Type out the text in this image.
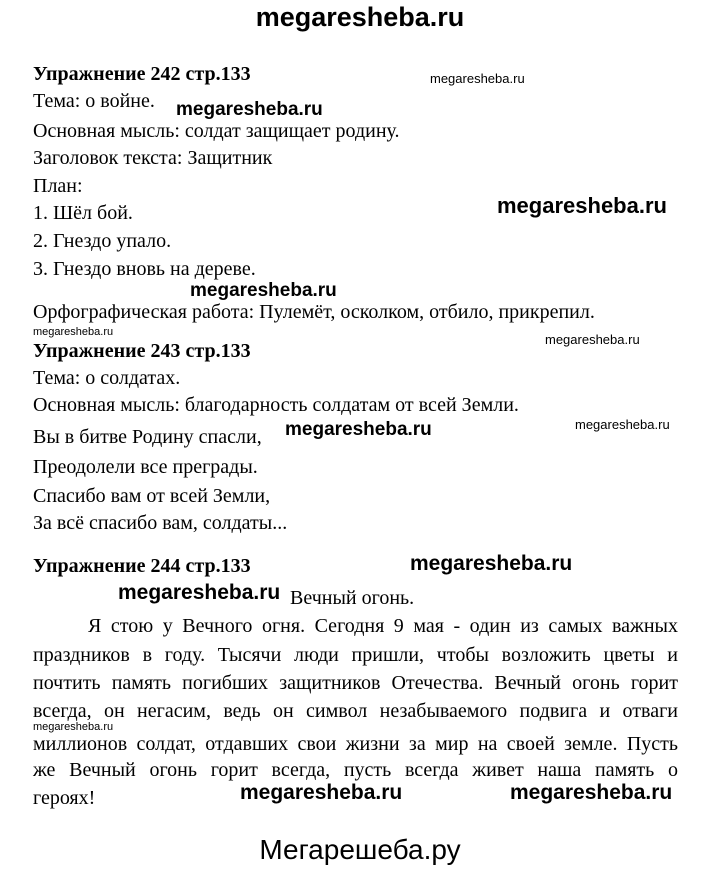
megaresheba.ru
Упражнение 242 стр.133	megaresheba.ru
Тема: о войне. megaresheba.ru
Основная мысль: солдат защищает родину.
Заголовок текста: Защитник
План:
1. Шёл бой.	megaresheba.ru
2. Гнездо упало.
3. Гнездо вновь на дереве.
megaresheba.ru
Орфографическая работа: Пулемёт, осколком, отбило, прикрепил.
megaresheba.ru	megaresheba.ru
Упражнение 243 стр.133
Тема: о солдатах.
Основная мысль: благодарность солдатам от всей Земли.
megaresheba.ru
megaresheba.ru
Вы в битве Родину спасли,
Преодолели все преграды.
Спасибо вам от всей Земли,
За всё спасибо вам, солдаты...
Упражнение 244 стр.133	megaresheba.ru
megaresheba.ru Вечный огонь.
Я стою у Вечного огня. Сегодня 9 мая - один из самых важных
праздников в году. Тысячи люди пришли, чтобы возложить цветы и
почтить память погибших защитников Отечества. Вечный огонь горит
всегда, он негасим, ведь он символ незабываемого подвига и отваги
megaresheba.ru
миллионов солдат, отдавших свои жизни за мир на своей земле. Пусть
же Вечный огонь горит всегда, пусть всегда живет наша память о
героях!	megaresheba.ru	megaresheba.ru
Мегарешеба.ру
